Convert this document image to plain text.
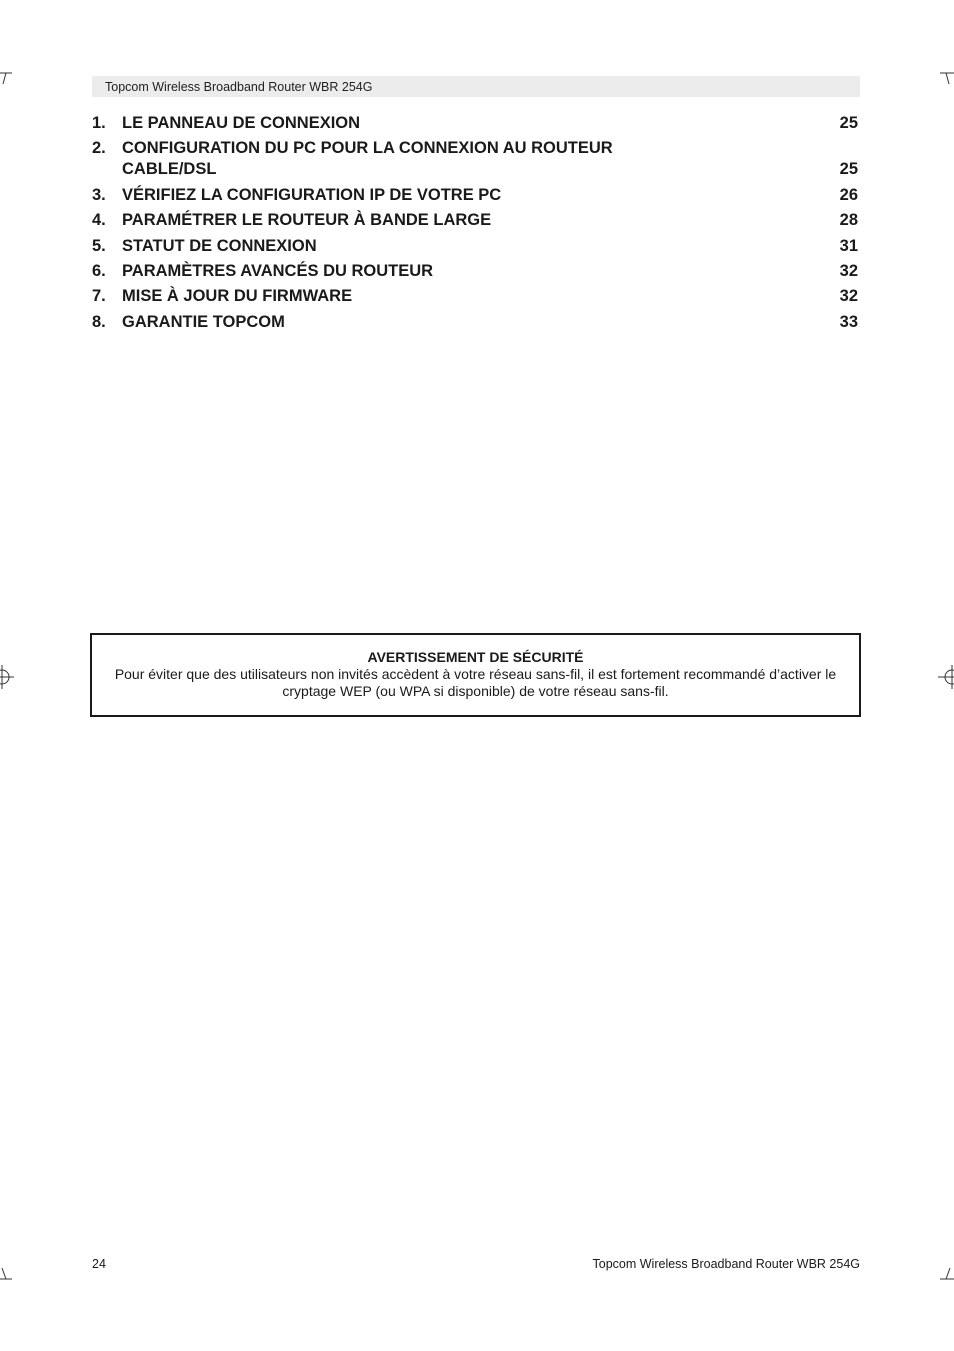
Topcom Wireless Broadband Router WBR 254G
1. LE PANNEAU DE CONNEXION	25
2. CONFIGURATION DU PC POUR LA CONNEXION AU ROUTEUR CABLE/DSL	25
3. VÉRIFIEZ LA CONFIGURATION IP DE VOTRE PC	26
4. PARAMÉTRER LE ROUTEUR À BANDE LARGE	28
5. STATUT DE CONNEXION	31
6. PARAMÈTRES AVANCÉS DU ROUTEUR	32
7. MISE À JOUR DU FIRMWARE	32
8. GARANTIE TOPCOM	33
AVERTISSEMENT DE SÉCURITÉ
Pour éviter que des utilisateurs non invités accèdent à votre réseau sans-fil, il est fortement recommandé d’activer le cryptage WEP (ou WPA si disponible) de votre réseau sans-fil.
24	Topcom Wireless Broadband Router WBR 254G
